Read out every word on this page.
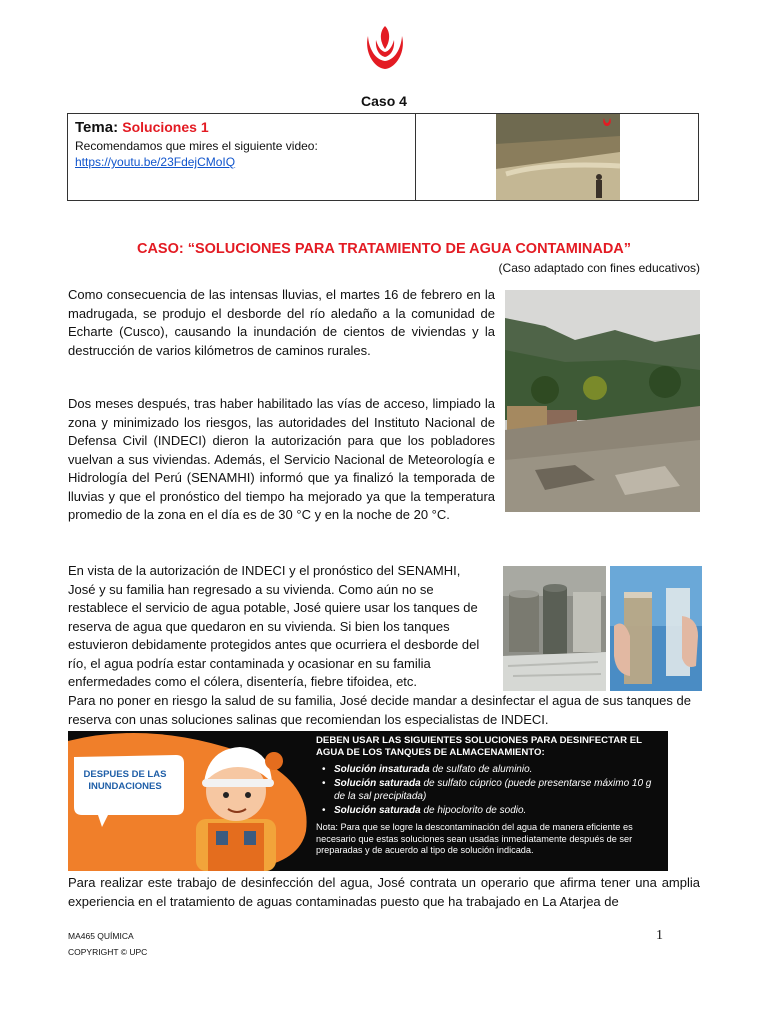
Caso 4
Tema: Soluciones 1
Recomendamos que mires el siguiente video:
https://youtu.be/23FdejCMoIQ
CASO: “SOLUCIONES PARA TRATAMIENTO DE AGUA CONTAMINADA”
(Caso adaptado con fines educativos)

Como consecuencia de las intensas lluvias, el martes 16 de febrero en la madrugada, se produjo el desborde del río aledaño a la comunidad de Echarte (Cusco), causando la inundación de cientos de viviendas y la destrucción de varios kilómetros de caminos rurales.

Dos meses después, tras haber habilitado las vías de acceso, limpiado la zona y minimizado los riesgos, las autoridades del Instituto Nacional de Defensa Civil (INDECI) dieron la autorización para que los pobladores vuelvan a sus viviendas. Además, el Servicio Nacional de Meteorología e Hidrología del Perú (SENAMHI) informó que ya finalizó la temporada de lluvias y que el pronóstico del tiempo ha mejorado ya que la temperatura promedio de la zona en el día es de 30 °C y en la noche de 20 °C.

En vista de la autorización de INDECI y el pronóstico del SENAMHI, José y su familia han regresado a su vivienda. Como aún no se restablece el servicio de agua potable, José quiere usar los tanques de reserva de agua que quedaron en su vivienda. Si bien los tanques estuvieron debidamente protegidos antes que ocurriera el desborde del río, el agua podría estar contaminada y ocasionar en su familia enfermedades como el cólera, disentería, fiebre tifoidea, etc.

Para no poner en riesgo la salud de su familia, José decide mandar a desinfectar el agua de sus tanques de reserva con unas soluciones salinas que recomiendan los especialistas de INDECI.

DESPUES DE LAS INUNDACIONES
DEBEN USAR LAS SIGUIENTES SOLUCIONES PARA DESINFECTAR EL AGUA DE LOS TANQUES DE ALMACENAMIENTO:
• Solución insaturada de sulfato de aluminio.
• Solución saturada de sulfato cúprico (puede presentarse máximo 10 g de la sal precipitada)
• Solución saturada de hipoclorito de sodio.
Nota: Para que se logre la descontaminación del agua de manera eficiente es necesario que estas soluciones sean usadas inmediatamente después de ser preparadas y de acuerdo al tipo de solución indicada.

Para realizar este trabajo de desinfección del agua, José contrata un operario que afirma tener una amplia experiencia en el tratamiento de aguas contaminadas puesto que ha trabajado en La Atarjea de

MA465 QUÍMICA
COPYRIGHT © UPC
1
